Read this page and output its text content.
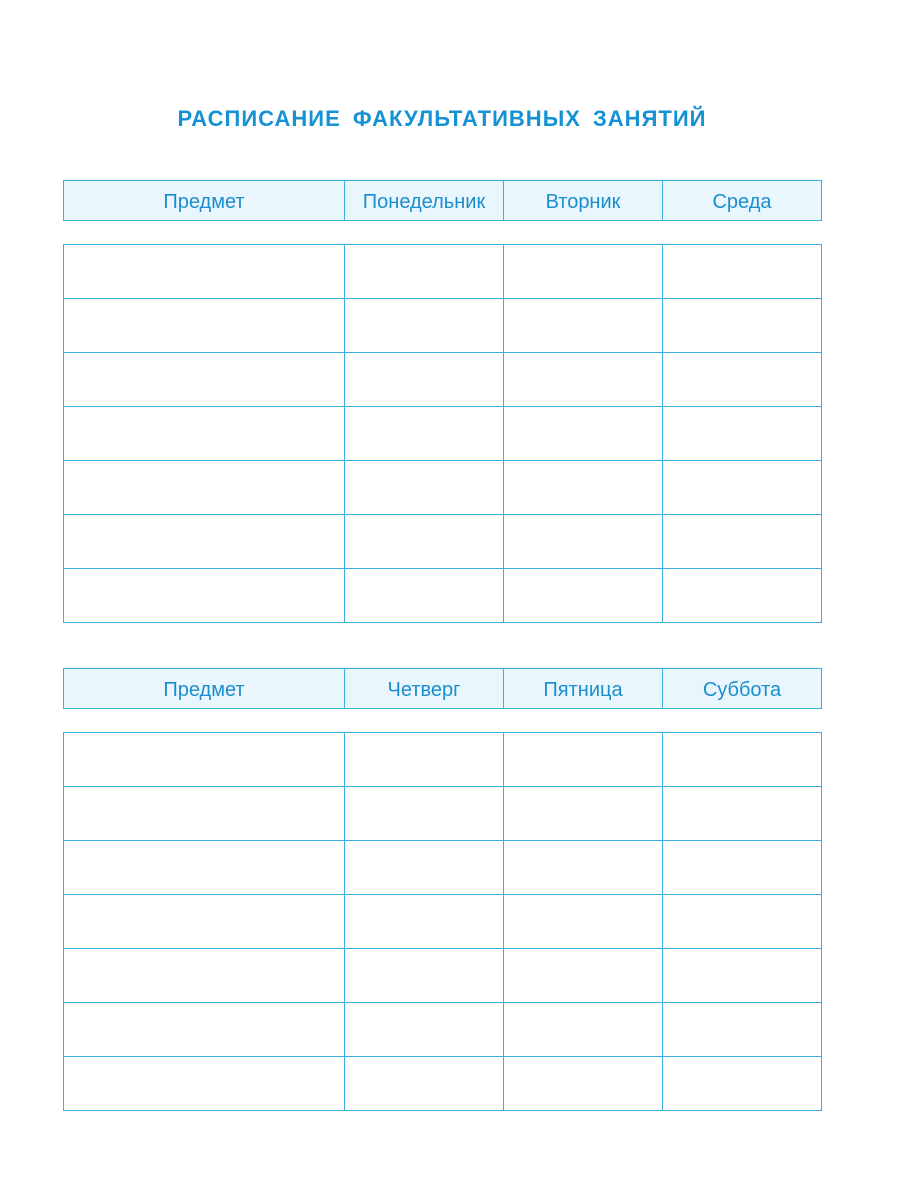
РАСПИСАНИЕ ФАКУЛЬТАТИВНЫХ ЗАНЯТИЙ
Предмет	Понедельник	Вторник	Среда

Предмет	Четверг	Пятница	Суббота
